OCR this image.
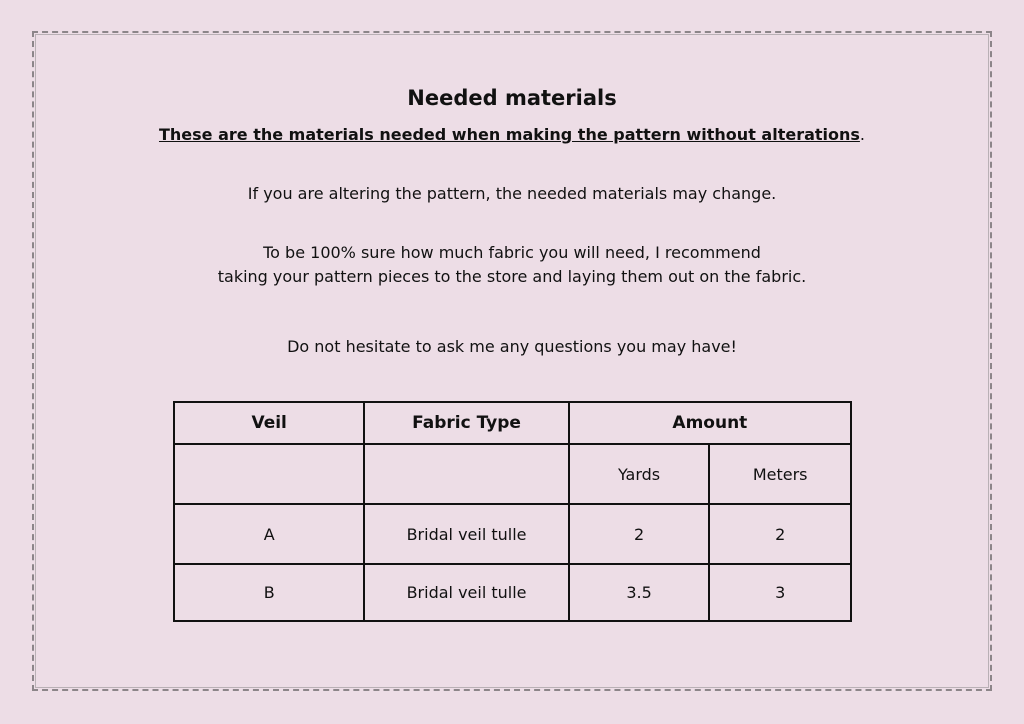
Needed materials
These are the materials needed when making the pattern without alterations.
If you are altering the pattern, the needed materials may change.
To be 100% sure how much fabric you will need, I recommend
taking your pattern pieces to the store and laying them out on the fabric.
Do not hesitate to ask me any questions you may have!
Veil	Fabric Type	Amount	
		Yards	Meters
A	Bridal veil tulle	2	2
B	Bridal veil tulle	3.5	3
